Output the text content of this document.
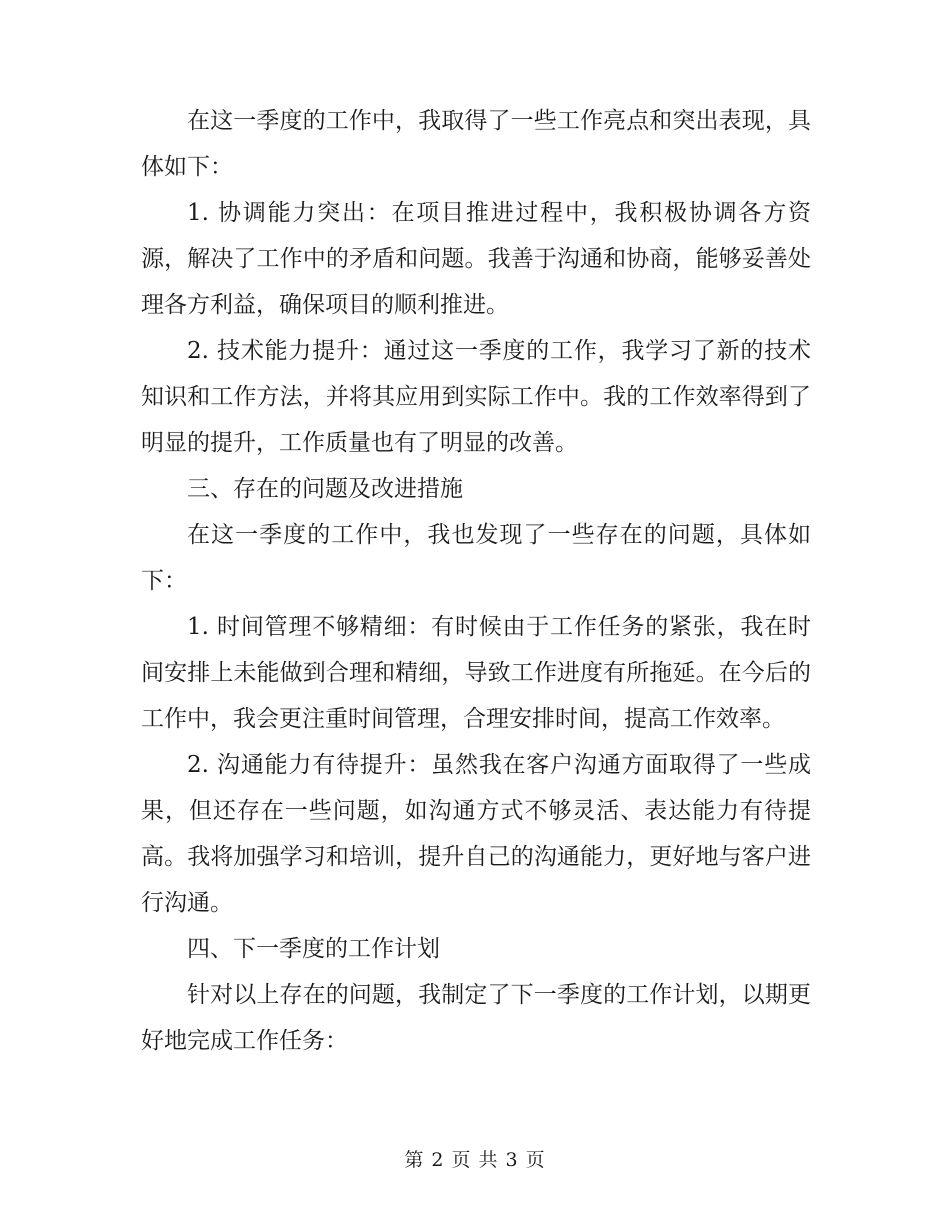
在这一季度的工作中，我取得了一些工作亮点和突出表现，具体如下：

1. 协调能力突出：在项目推进过程中，我积极协调各方资源，解决了工作中的矛盾和问题。我善于沟通和协商，能够妥善处理各方利益，确保项目的顺利推进。

2. 技术能力提升：通过这一季度的工作，我学习了新的技术知识和工作方法，并将其应用到实际工作中。我的工作效率得到了明显的提升，工作质量也有了明显的改善。

三、存在的问题及改进措施

在这一季度的工作中，我也发现了一些存在的问题，具体如下：

1. 时间管理不够精细：有时候由于工作任务的紧张，我在时间安排上未能做到合理和精细，导致工作进度有所拖延。在今后的工作中，我会更注重时间管理，合理安排时间，提高工作效率。

2. 沟通能力有待提升：虽然我在客户沟通方面取得了一些成果，但还存在一些问题，如沟通方式不够灵活、表达能力有待提高。我将加强学习和培训，提升自己的沟通能力，更好地与客户进行沟通。

四、下一季度的工作计划

针对以上存在的问题，我制定了下一季度的工作计划，以期更好地完成工作任务：

第 2 页 共 3 页
